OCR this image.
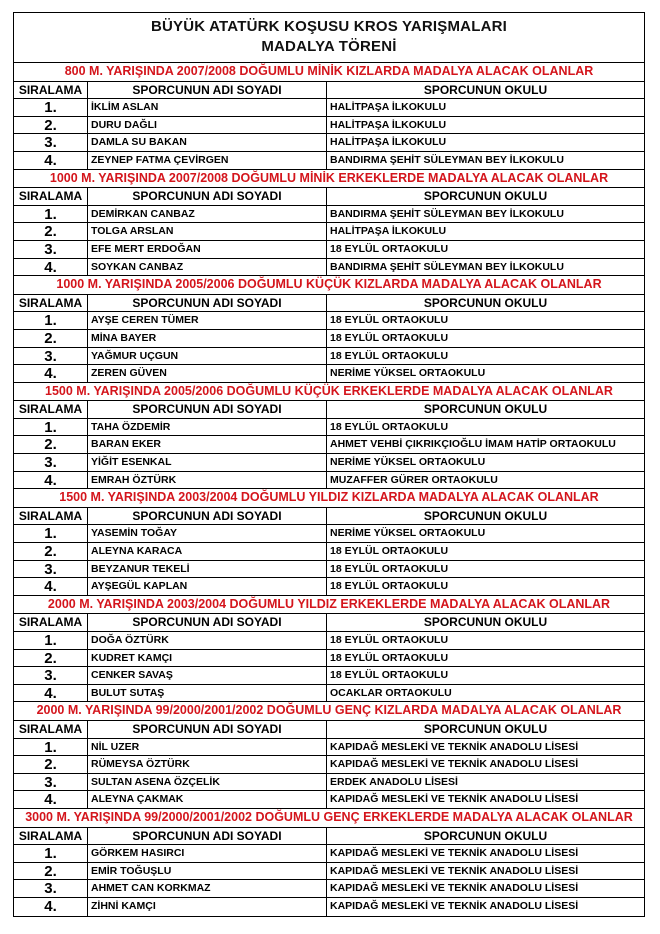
BÜYÜK ATATÜRK KOŞUSU KROS YARIŞMALARI
MADALYA TÖRENİ
800 M. YARIŞINDA 2007/2008 DOĞUMLU MİNİK KIZLARDA MADALYA ALACAK OLANLAR
SIRALAMA	SPORCUNUN ADI SOYADI	SPORCUNUN OKULU
1.	İKLİM ASLAN	HALİTPAŞA İLKOKULU
2.	DURU DAĞLI	HALİTPAŞA İLKOKULU
3.	DAMLA SU BAKAN	HALİTPAŞA İLKOKULU
4.	ZEYNEP FATMA ÇEVİRGEN	BANDIRMA ŞEHİT SÜLEYMAN BEY İLKOKULU
1000 M. YARIŞINDA 2007/2008 DOĞUMLU MİNİK ERKEKLERDE MADALYA ALACAK OLANLAR
SIRALAMA	SPORCUNUN ADI SOYADI	SPORCUNUN OKULU
1.	DEMİRKAN CANBAZ	BANDIRMA ŞEHİT SÜLEYMAN BEY İLKOKULU
2.	TOLGA ARSLAN	HALİTPAŞA İLKOKULU
3.	EFE MERT ERDOĞAN	18 EYLÜL ORTAOKULU
4.	SOYKAN CANBAZ	BANDIRMA ŞEHİT SÜLEYMAN BEY İLKOKULU
1000 M. YARIŞINDA 2005/2006 DOĞUMLU KÜÇÜK KIZLARDA MADALYA ALACAK OLANLAR
SIRALAMA	SPORCUNUN ADI SOYADI	SPORCUNUN OKULU
1.	AYŞE CEREN TÜMER	18 EYLÜL ORTAOKULU
2.	MİNA BAYER	18 EYLÜL ORTAOKULU
3.	YAĞMUR UÇGUN	18 EYLÜL ORTAOKULU
4.	ZEREN GÜVEN	NERİME YÜKSEL ORTAOKULU
1500 M. YARIŞINDA 2005/2006 DOĞUMLU KÜÇÜK ERKEKLERDE MADALYA ALACAK OLANLAR
SIRALAMA	SPORCUNUN ADI SOYADI	SPORCUNUN OKULU
1.	TAHA ÖZDEMİR	18 EYLÜL ORTAOKULU
2.	BARAN EKER	AHMET VEHBİ ÇIKRIKÇIOĞLU İMAM HATİP ORTAOKULU
3.	YİĞİT ESENKAL	NERİME YÜKSEL ORTAOKULU
4.	EMRAH ÖZTÜRK	MUZAFFER GÜRER ORTAOKULU
1500 M. YARIŞINDA 2003/2004 DOĞUMLU YILDIZ KIZLARDA MADALYA ALACAK OLANLAR
SIRALAMA	SPORCUNUN ADI SOYADI	SPORCUNUN OKULU
1.	YASEMİN TOĞAY	NERİME YÜKSEL ORTAOKULU
2.	ALEYNA KARACA	18 EYLÜL ORTAOKULU
3.	BEYZANUR TEKELİ	18 EYLÜL ORTAOKULU
4.	AYŞEGÜL KAPLAN	18 EYLÜL ORTAOKULU
2000 M. YARIŞINDA 2003/2004 DOĞUMLU YILDIZ ERKEKLERDE MADALYA ALACAK OLANLAR
SIRALAMA	SPORCUNUN ADI SOYADI	SPORCUNUN OKULU
1.	DOĞA ÖZTÜRK	18 EYLÜL ORTAOKULU
2.	KUDRET KAMÇI	18 EYLÜL ORTAOKULU
3.	CENKER SAVAŞ	18 EYLÜL ORTAOKULU
4.	BULUT SUTAŞ	OCAKLAR ORTAOKULU
2000 M. YARIŞINDA 99/2000/2001/2002 DOĞUMLU GENÇ KIZLARDA MADALYA ALACAK OLANLAR
SIRALAMA	SPORCUNUN ADI SOYADI	SPORCUNUN OKULU
1.	NİL UZER	KAPIDAĞ MESLEKİ VE TEKNİK ANADOLU LİSESİ
2.	RÜMEYSA ÖZTÜRK	KAPIDAĞ MESLEKİ VE TEKNİK ANADOLU LİSESİ
3.	SULTAN ASENA ÖZÇELİK	ERDEK ANADOLU LİSESİ
4.	ALEYNA ÇAKMAK	KAPIDAĞ MESLEKİ VE TEKNİK ANADOLU LİSESİ
3000 M. YARIŞINDA 99/2000/2001/2002 DOĞUMLU GENÇ ERKEKLERDE MADALYA ALACAK OLANLAR
SIRALAMA	SPORCUNUN ADI SOYADI	SPORCUNUN OKULU
1.	GÖRKEM HASIRCI	KAPIDAĞ MESLEKİ VE TEKNİK ANADOLU LİSESİ
2.	EMİR TOĞUŞLU	KAPIDAĞ MESLEKİ VE TEKNİK ANADOLU LİSESİ
3.	AHMET CAN KORKMAZ	KAPIDAĞ MESLEKİ VE TEKNİK ANADOLU LİSESİ
4.	ZİHNİ KAMÇI	KAPIDAĞ MESLEKİ VE TEKNİK ANADOLU LİSESİ
